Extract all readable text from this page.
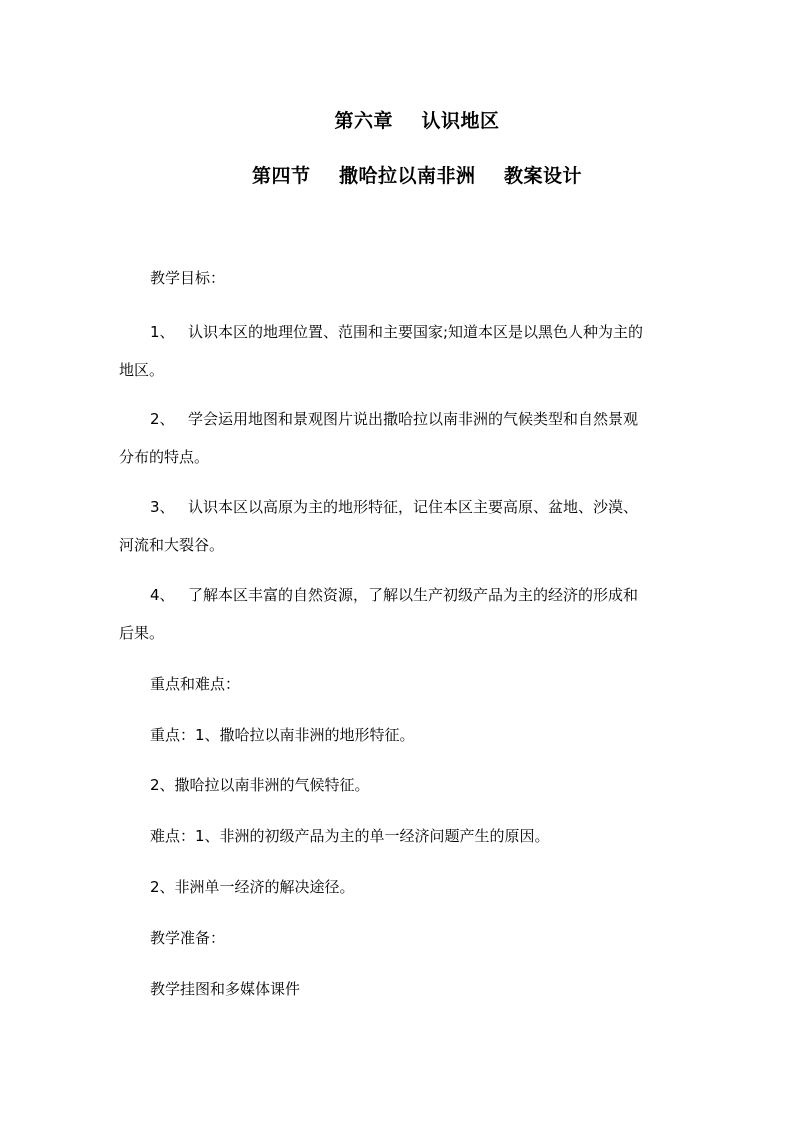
第六章    认识地区
第四节    撒哈拉以南非洲    教案设计
教学目标：
1、 认识本区的地理位置、范围和主要国家;知道本区是以黑色人种为主的
地区。
2、 学会运用地图和景观图片说出撒哈拉以南非洲的气候类型和自然景观
分布的特点。
3、 认识本区以高原为主的地形特征，记住本区主要高原、盆地、沙漠、
河流和大裂谷。
4、 了解本区丰富的自然资源，了解以生产初级产品为主的经济的形成和
后果。
重点和难点：
重点：1、撒哈拉以南非洲的地形特征。
2、撒哈拉以南非洲的气候特征。
难点：1、非洲的初级产品为主的单一经济问题产生的原因。
2、非洲单一经济的解决途径。
教学准备：
教学挂图和多媒体课件
